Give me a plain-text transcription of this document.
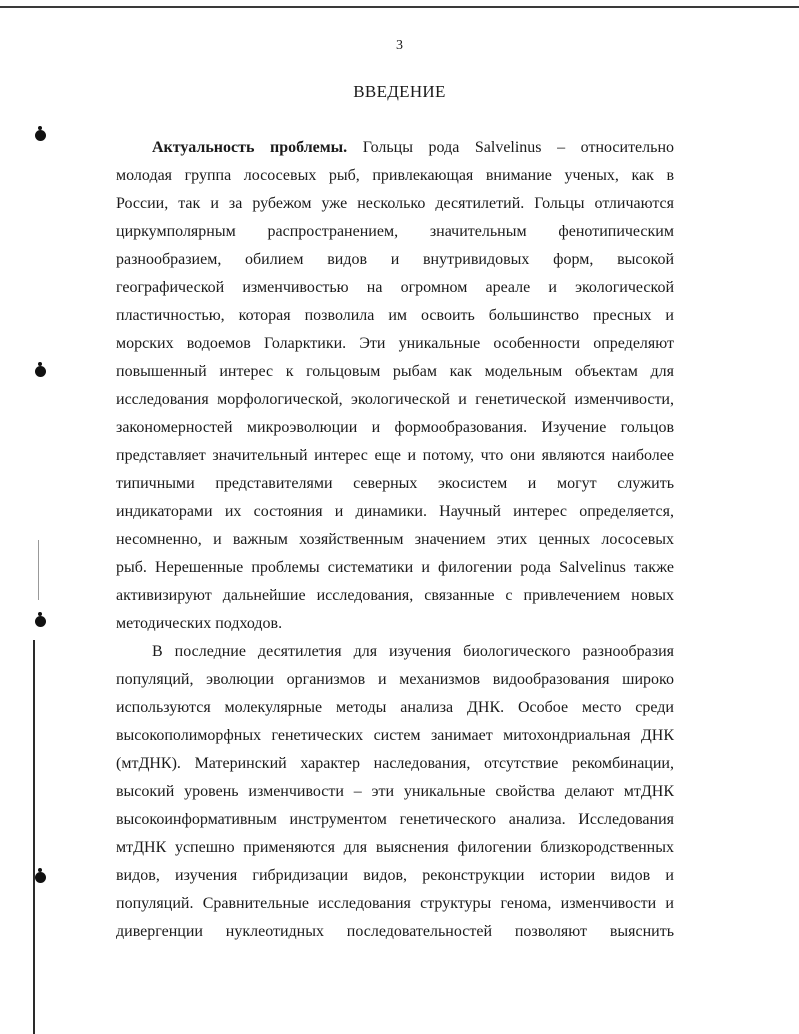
3
ВВЕДЕНИЕ
Актуальность проблемы. Гольцы рода Salvelinus – относительно
молодая группа лососевых рыб, привлекающая внимание ученых, как в
России, так и за рубежом уже несколько десятилетий. Гольцы отличаются
циркумполярным распространением, значительным фенотипическим
разнообразием, обилием видов и внутривидовых форм, высокой
географической изменчивостью на огромном ареале и экологической
пластичностью, которая позволила им освоить большинство пресных и
морских водоемов Голарктики. Эти уникальные особенности определяют
повышенный интерес к гольцовым рыбам как модельным объектам для
исследования морфологической, экологической и генетической изменчивости,
закономерностей микроэволюции и формообразования. Изучение гольцов
представляет значительный интерес еще и потому, что они являются наиболее
типичными представителями северных экосистем и могут служить
индикаторами их состояния и динамики. Научный интерес определяется,
несомненно, и важным хозяйственным значением этих ценных лососевых
рыб. Нерешенные проблемы систематики и филогении рода Salvelinus также
активизируют дальнейшие исследования, связанные с привлечением новых
методических подходов.
В последние десятилетия для изучения биологического разнообразия
популяций, эволюции организмов и механизмов видообразования широко
используются молекулярные методы анализа ДНК. Особое место среди
высокополиморфных генетических систем занимает митохондриальная ДНК
(мтДНК). Материнский характер наследования, отсутствие рекомбинации,
высокий уровень изменчивости – эти уникальные свойства делают мтДНК
высокоинформативным инструментом генетического анализа. Исследования
мтДНК успешно применяются для выяснения филогении близкородственных
видов, изучения гибридизации видов, реконструкции истории видов и
популяций. Сравнительные исследования структуры генома, изменчивости и
дивергенции нуклеотидных последовательностей позволяют выяснить
